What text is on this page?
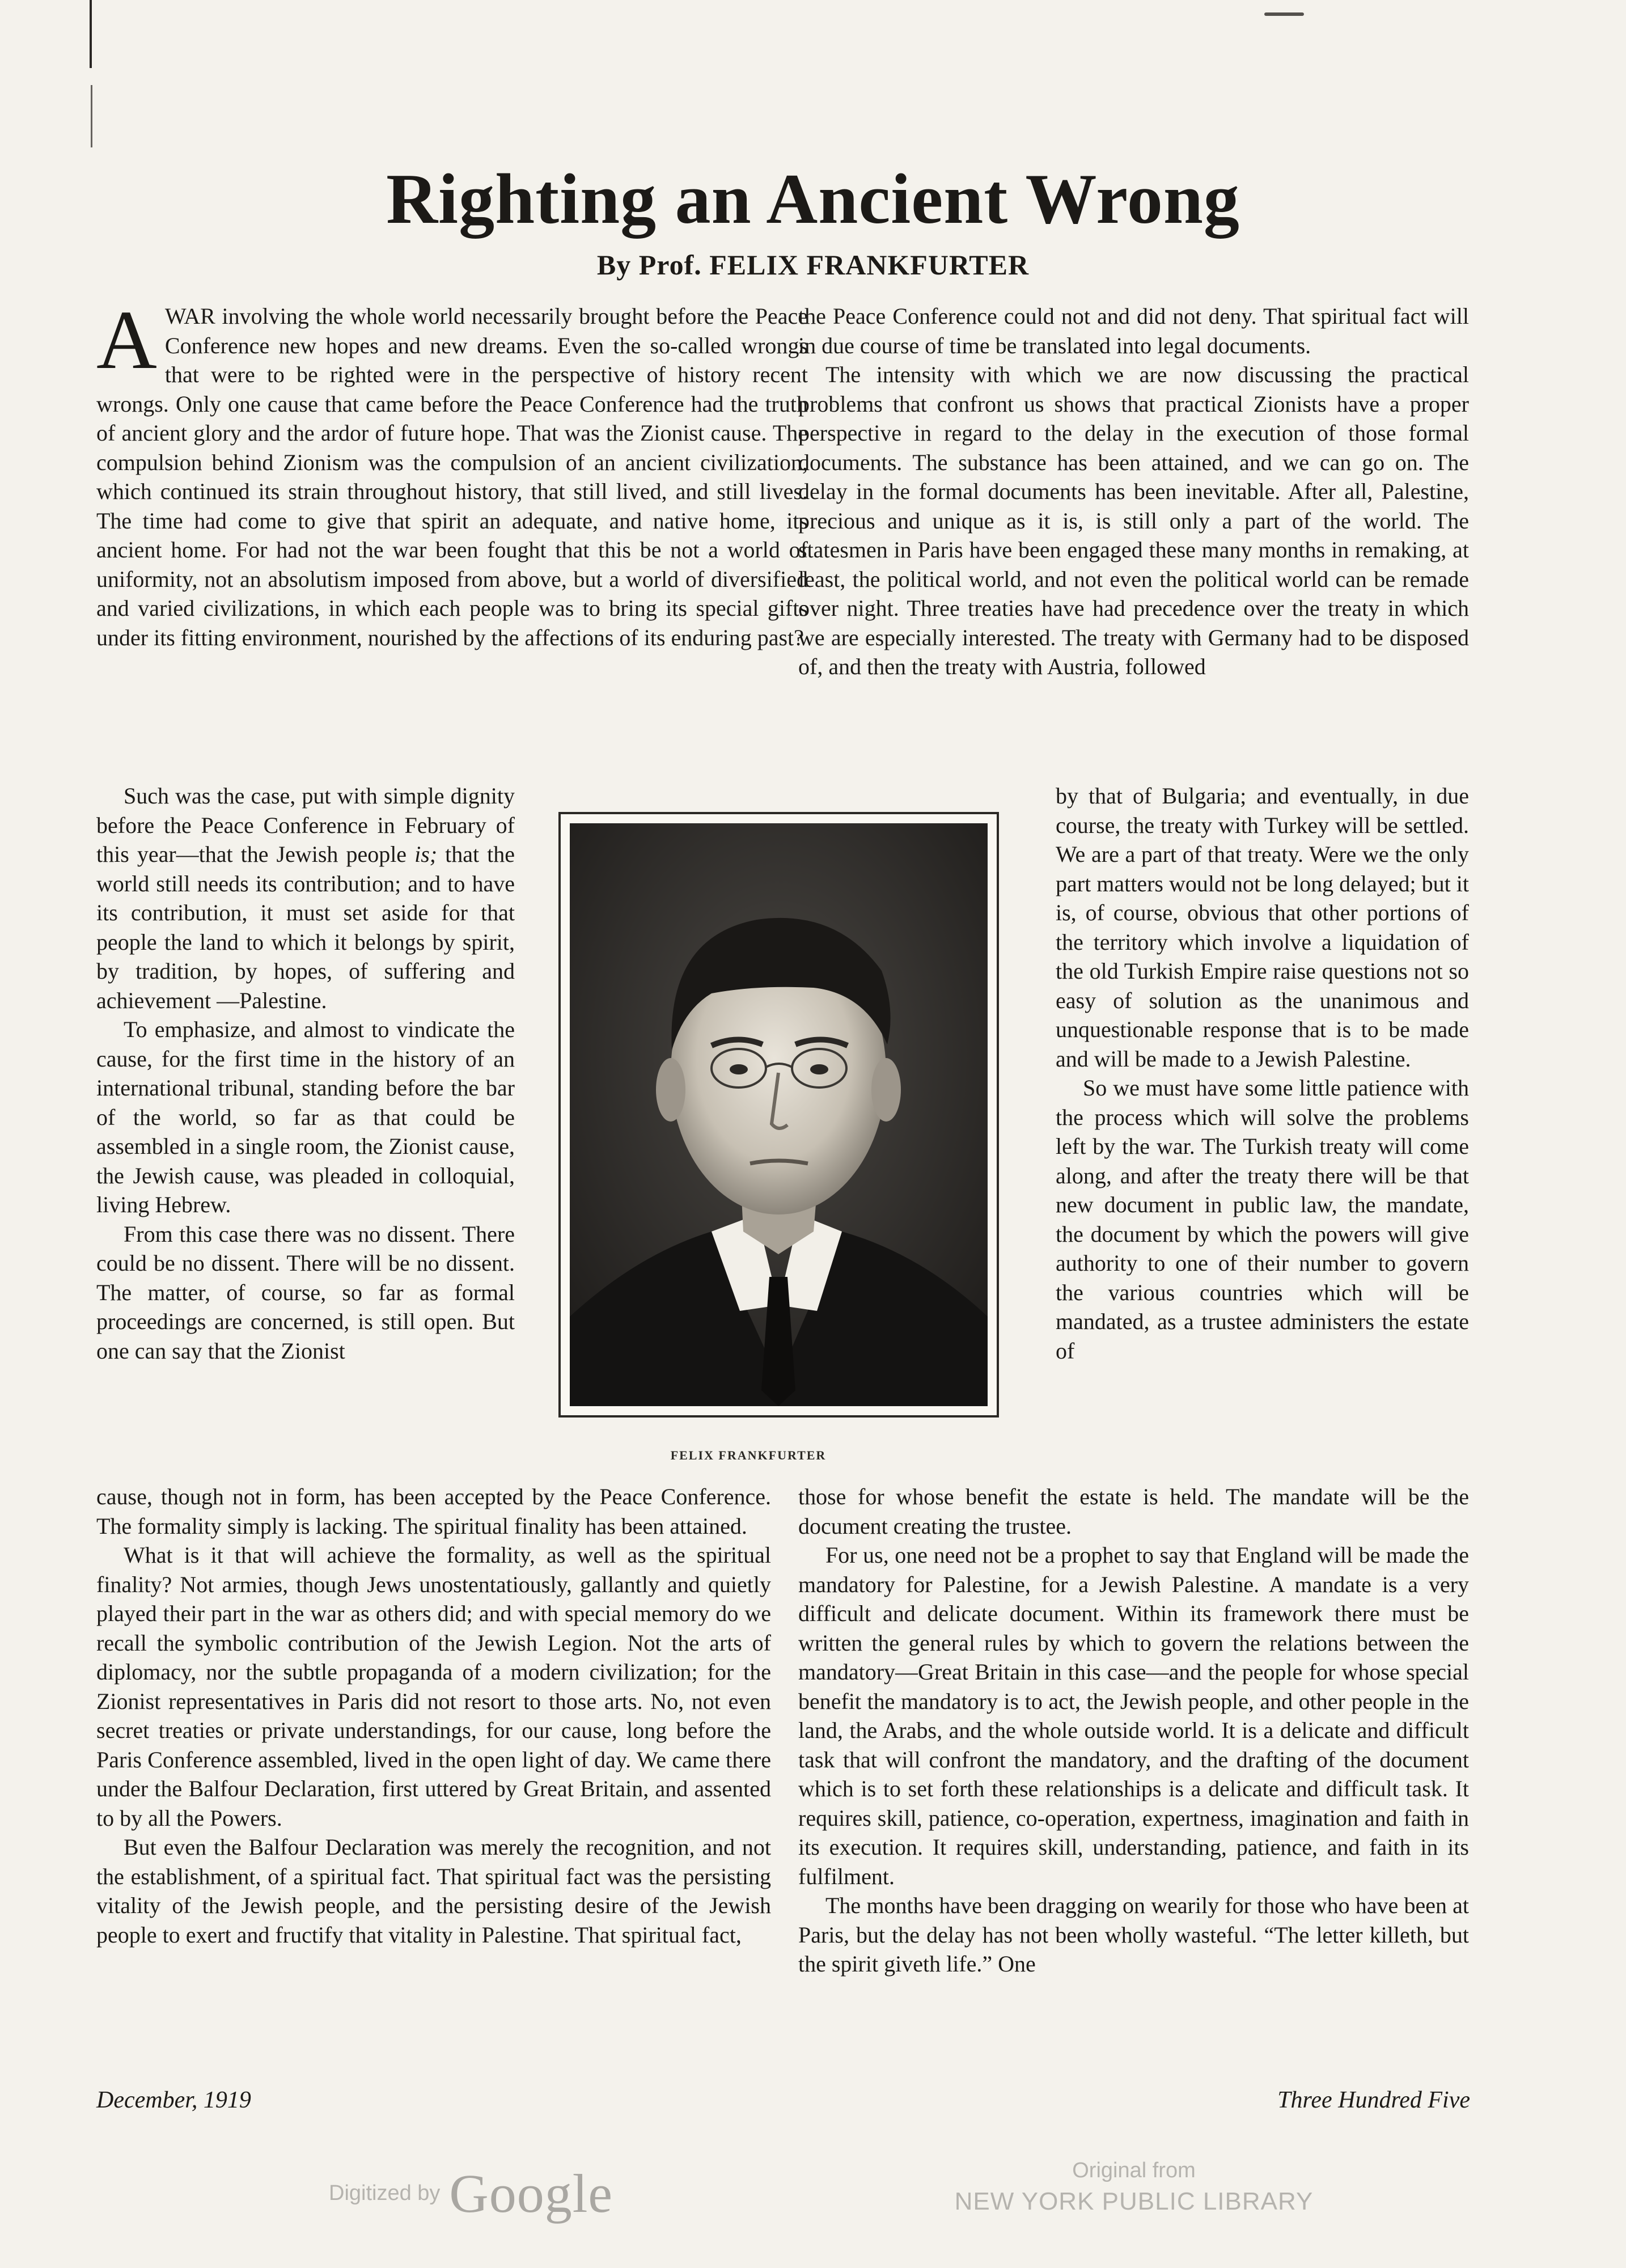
Righting an Ancient Wrong
By Prof. FELIX FRANKFURTER

AWAR involving the whole world necessarily brought before the Peace Conference new hopes and new dreams. Even the so-called wrongs that were to be righted were in the perspective of history recent wrongs. Only one cause that came before the Peace Conference had the truth of ancient glory and the ardor of future hope. That was the Zionist cause. The compulsion behind Zionism was the compulsion of an ancient civilization, which continued its strain throughout history, that still lived, and still lives. The time had come to give that spirit an adequate, and native home, its ancient home. For had not the war been fought that this be not a world of uniformity, not an absolutism imposed from above, but a world of diversified and varied civilizations, in which each people was to bring its special gifts under its fitting environment, nourished by the affections of its enduring past?

Such was the case, put with simple dignity before the Peace Conference in February of this year—that the Jewish people is; that the world still needs its contribution; and to have its contribution, it must set aside for that people the land to which it belongs by spirit, by tradition, by hopes, of suffering and achievement —Palestine.

To emphasize, and almost to vindicate the cause, for the first time in the history of an international tribunal, standing before the bar of the world, so far as that could be assembled in a single room, the Zionist cause, the Jewish cause, was pleaded in colloquial, living Hebrew.

From this case there was no dissent. There could be no dissent. There will be no dissent. The matter, of course, so far as formal proceedings are concerned, is still open. But one can say that the Zionist

cause, though not in form, has been accepted by the Peace Conference. The formality simply is lacking. The spiritual finality has been attained.

What is it that will achieve the formality, as well as the spiritual finality? Not armies, though Jews unostentatiously, gallantly and quietly played their part in the war as others did; and with special memory do we recall the symbolic contribution of the Jewish Legion. Not the arts of diplomacy, nor the subtle propaganda of a modern civilization; for the Zionist representatives in Paris did not resort to those arts. No, not even secret treaties or private understandings, for our cause, long before the Paris Conference assembled, lived in the open light of day. We came there under the Balfour Declaration, first uttered by Great Britain, and assented to by all the Powers.

But even the Balfour Declaration was merely the recognition, and not the establishment, of a spiritual fact. That spiritual fact was the persisting vitality of the Jewish people, and the persisting desire of the Jewish people to exert and fructify that vitality in Palestine. That spiritual fact,

the Peace Conference could not and did not deny. That spiritual fact will in due course of time be translated into legal documents.

The intensity with which we are now discussing the practical problems that confront us shows that practical Zionists have a proper perspective in regard to the delay in the execution of those formal documents. The substance has been attained, and we can go on. The delay in the formal documents has been inevitable. After all, Palestine, precious and unique as it is, is still only a part of the world. The statesmen in Paris have been engaged these many months in remaking, at least, the political world, and not even the political world can be remade over night. Three treaties have had precedence over the treaty in which we are especially interested. The treaty with Germany had to be disposed of, and then the treaty with Austria, followed

by that of Bulgaria; and eventually, in due course, the treaty with Turkey will be settled. We are a part of that treaty. Were we the only part matters would not be long delayed; but it is, of course, obvious that other portions of the territory which involve a liquidation of the old Turkish Empire raise questions not so easy of solution as the unanimous and unquestionable response that is to be made and will be made to a Jewish Palestine.

So we must have some little patience with the process which will solve the problems left by the war. The Turkish treaty will come along, and after the treaty there will be that new document in public law, the mandate, the document by which the powers will give authority to one of their number to govern the various countries which will be mandated, as a trustee administers the estate of

those for whose benefit the estate is held. The mandate will be the document creating the trustee.

For us, one need not be a prophet to say that England will be made the mandatory for Palestine, for a Jewish Palestine. A mandate is a very difficult and delicate document. Within its framework there must be written the general rules by which to govern the relations between the mandatory—Great Britain in this case—and the people for whose special benefit the mandatory is to act, the Jewish people, and other people in the land, the Arabs, and the whole outside world. It is a delicate and difficult task that will confront the mandatory, and the drafting of the document which is to set forth these relationships is a delicate and difficult task. It requires skill, patience, co-operation, expertness, imagination and faith in its execution. It requires skill, understanding, patience, and faith in its fulfilment.

The months have been dragging on wearily for those who have been at Paris, but the delay has not been wholly wasteful. “The letter killeth, but the spirit giveth life.” One

FELIX FRANKFURTER
December, 1919	Three Hundred Five
Digitized by Google	Original from
NEW YORK PUBLIC LIBRARY
